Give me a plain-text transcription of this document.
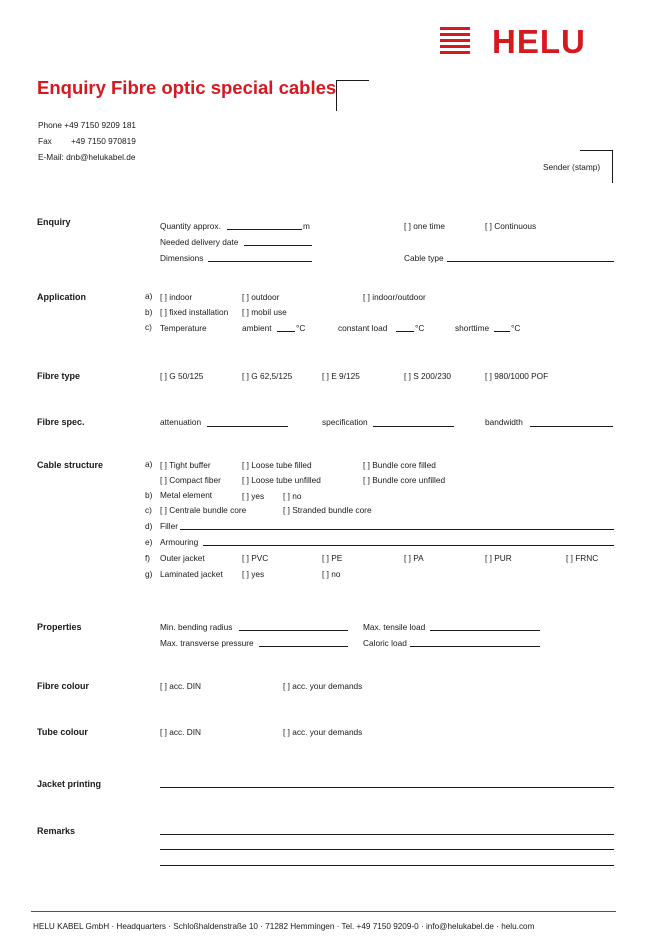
HELU
Enquiry Fibre optic special cables
Phone +49 7150 9209 181
Fax +49 7150 970819
E-Mail: dnb@helukabel.de
Sender (stamp)
Enquiry	Quantity approx.	m	[ ] one time	[ ] Continuous
Needed delivery date
Dimensions	Cable type
Application	a) [ ] indoor	[ ] outdoor	[ ] indoor/outdoor
b) [ ] fixed installation [ ] mobil use
c) Temperature	ambient	°C	constant load	°C	shorttime	°C
Fibre type	[ ] G 50/125	[ ] G 62,5/125	[ ] E 9/125	[ ] S 200/230	[ ] 980/1000 POF
Fibre spec.	attenuation	specification	bandwidth
Cable structure	a) [ ] Tight buffer	[ ] Loose tube filled	[ ] Bundle core filled
[ ] Compact fiber	[ ] Loose tube unfilled	[ ] Bundle core unfilled
b) Metal element	[ ] yes [ ] no
c) [ ] Centrale bundle core	[ ] Stranded bundle core
d) Filler
e) Armouring
f) Outer jacket	[ ] PVC	[ ] PE	[ ] PA	[ ] PUR	[ ] FRNC
g) Laminated jacket [ ] yes	[ ] no
Properties	Min. bending radius	Max. tensile load
Max. transverse pressure	Caloric load
Fibre colour	[ ] acc. DIN	[ ] acc. your demands
Tube colour	[ ] acc. DIN	[ ] acc. your demands
Jacket printing
Remarks
HELU KABEL GmbH · Headquarters · Schloßhaldenstraße 10 · 71282 Hemmingen · Tel. +49 7150 9209-0 · info@helukabel.de · helu.com
